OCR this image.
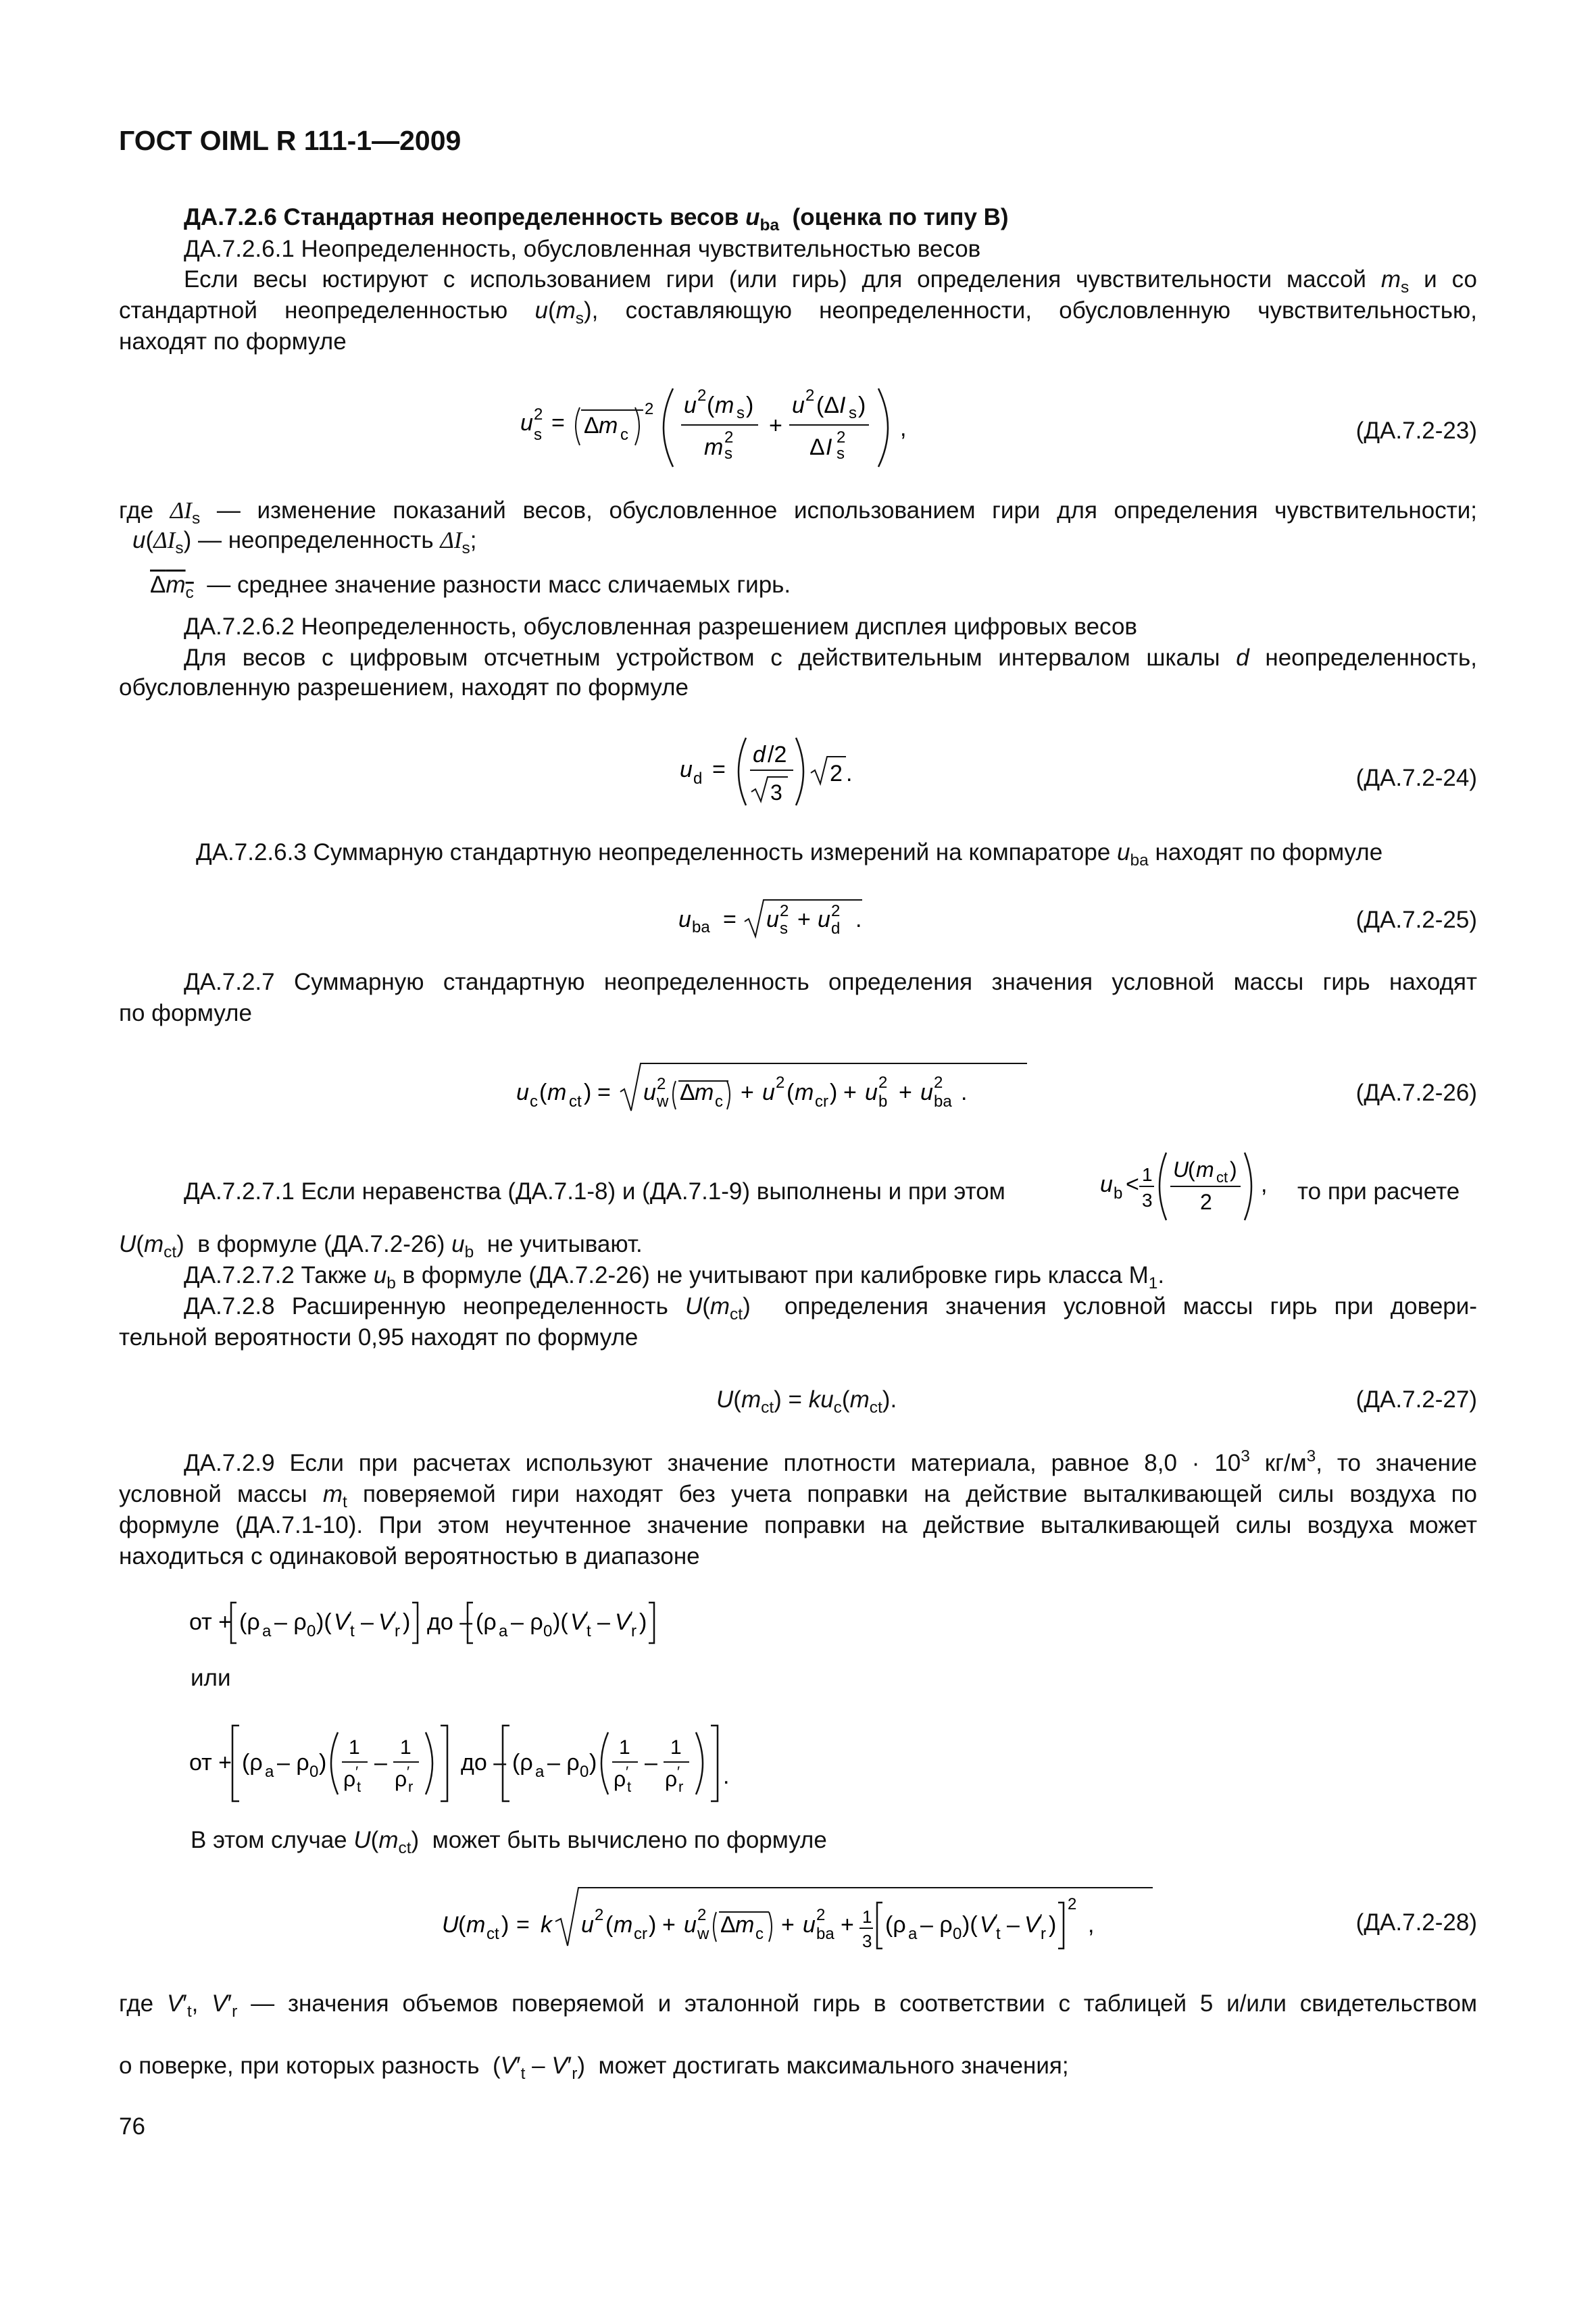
ГОСТ OIML R 111-1—2009
ДА.7.2.6 Стандартная неопределенность весов $u_{ba}$ (оценка по типу В)
ДА.7.2.6.1 Неопределенность, обусловленная чувствительностью весов
Если весы юстируют с использованием гири (или гирь) для определения чувствительности массой $m_s$ и со
стандартной неопределенностью $u(m_s)$, составляющую неопределенности, обусловленную чувствительностью,
находят по формуле
u 2
s = Δ m c
2 u 2 ( m s )
m 2
s
+
u 2 (Δ I s )
Δ I 2
s
,	(ДА.7.2-23)
где $\Delta I_s$ — изменение показаний весов, обусловленное использованием гири для определения чувствительности;
$u(\Delta I_s)$ — неопределенность $\Delta I_s$;
$\Delta m_c$ — среднее значение разности масс сличаемых гирь.
ДА.7.2.6.2 Неопределенность, обусловленная разрешением дисплея цифровых весов
Для весов с цифровым отсчетным устройством с действительным интервалом шкалы d неопределенность,
обусловленную разрешением, находят по формуле
u d =
d /2
3
2 .	(ДА.7.2-24)
ДА.7.2.6.3 Суммарную стандартную неопределенность измерений на компараторе $u_{ba}$ находят по формуле
u ba = u 2
s + u 2
d .	(ДА.7.2-25)
ДА.7.2.7 Суммарную стандартную неопределенность определения значения условной массы гирь находят
по формуле
u c ( m ct ) = u 2
w Δ m c + u 2 ( m cr ) + u 2
b + u 2
ba .	(ДА.7.2-26)
ДА.7.2.7.1 Если неравенства (ДА.7.1-8) и (ДА.7.1-9) выполнены и при этом	u b < 1
3
U
( m ct )
2
, то при расчете
$U(m_{ct})$  в формуле (ДА.7.2-26) $u_b$ не учитывают.
ДА.7.2.7.2 Также $u_b$ в формуле (ДА.7.2-26) не учитывают при калибровке гирь класса $M_1$.
ДА.7.2.8 Расширенную неопределенность $U(m_{ct})$  определения значения условной массы гирь при довери-
тельной вероятности 0,95 находят по формуле
$U(m_{ct}) = ku_c(m_{ct})$.	(ДА.7.2-27)
ДА.7.2.9 Если при расчетах используют значение плотности материала, равное $8,0 \cdot 10^3$ $кг/м^3$, то значение
условной массы $m_t$ поверяемой гири находят без учета поправки на действие выталкивающей силы воздуха по
формуле (ДА.7.1-10). При этом неучтенное значение поправки на действие выталкивающей силы воздуха может
находиться с одинаковой вероятностью в диапазоне
от + (ρ a – ρ 0 )( V ′
t – V ′
r ) до – (ρ a – ρ 0 )( V ′
t – V ′
r )
или
от + (ρ a – ρ 0 )
1
ρ ′
t
–
1
ρ ′
r
до – (ρ a – ρ 0 )
1
ρ ′
t
–
1
ρ ′
r .
В этом случае $U(m_{ct})$  может быть вычислено по формуле
U ( m ct ) = k u 2 ( m cr ) + u 2
w Δ m c + u 2
ba + 1
3
(ρ a – ρ 0 )( V ′
t – V ′
r )
2
,	(ДА.7.2-28)
где $V'_t$, $V'_r$ — значения объемов поверяемой и эталонной гирь в соответствии с таблицей 5 и/или свидетельством
о поверке, при которых разность  $(V'_t - V'_r)$  может достигать максимального значения;
76
